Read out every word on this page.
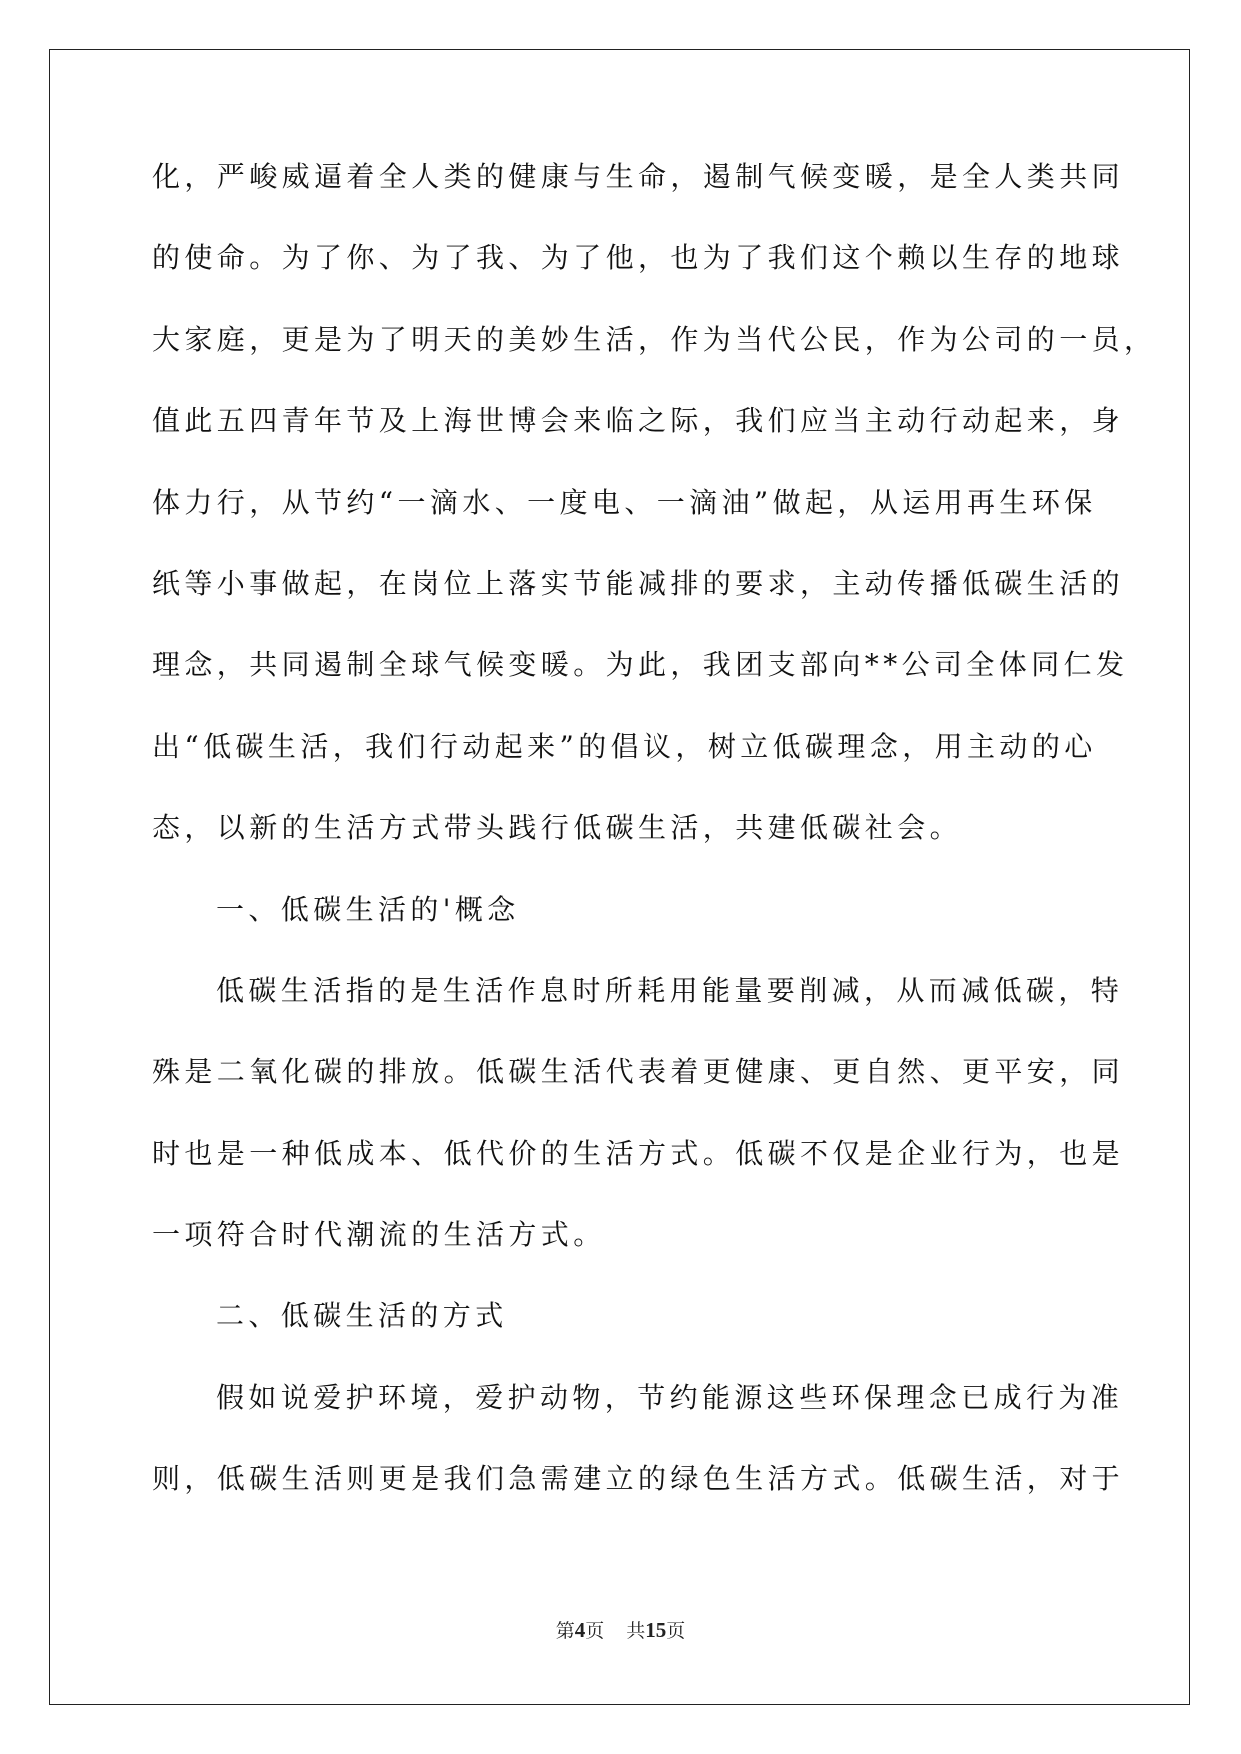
化，严峻威逼着全人类的健康与生命，遏制气候变暖，是全人类共同
的使命。为了你、为了我、为了他，也为了我们这个赖以生存的地球
大家庭，更是为了明天的美妙生活，作为当代公民，作为公司的一员，
值此五四青年节及上海世博会来临之际，我们应当主动行动起来，身
体力行，从节约“一滴水、一度电、一滴油”做起，从运用再生环保
纸等小事做起，在岗位上落实节能减排的要求，主动传播低碳生活的
理念，共同遏制全球气候变暖。为此，我团支部向**公司全体同仁发
出“低碳生活，我们行动起来”的倡议，树立低碳理念，用主动的心
态，以新的生活方式带头践行低碳生活，共建低碳社会。
一、低碳生活的'概念
低碳生活指的是生活作息时所耗用能量要削减，从而减低碳，特
殊是二氧化碳的排放。低碳生活代表着更健康、更自然、更平安，同
时也是一种低成本、低代价的生活方式。低碳不仅是企业行为，也是
一项符合时代潮流的生活方式。
二、低碳生活的方式
假如说爱护环境，爱护动物，节约能源这些环保理念已成行为准
则，低碳生活则更是我们急需建立的绿色生活方式。低碳生活，对于
第4页 共15页
